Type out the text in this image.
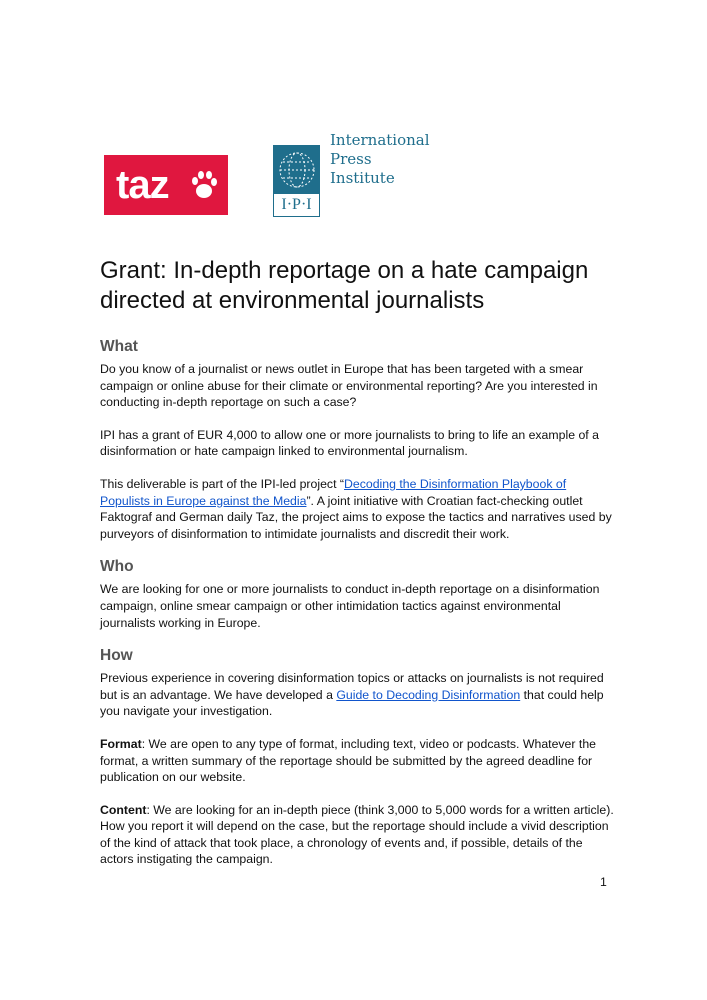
taz	I·P·I
International
Press
Institute
Grant: In-depth reportage on a hate campaign directed at environmental journalists
What

Do you know of a journalist or news outlet in Europe that has been targeted with a smear campaign or online abuse for their climate or environmental reporting? Are you interested in conducting in-depth reportage on such a case?

IPI has a grant of EUR 4,000 to allow one or more journalists to bring to life an example of a disinformation or hate campaign linked to environmental journalism.

This deliverable is part of the IPI-led project “Decoding the Disinformation Playbook of Populists in Europe against the Media”. A joint initiative with Croatian fact-checking outlet Faktograf and German daily Taz, the project aims to expose the tactics and narratives used by purveyors of disinformation to intimidate journalists and discredit their work.

Who

We are looking for one or more journalists to conduct in-depth reportage on a disinformation campaign, online smear campaign or other intimidation tactics against environmental journalists working in Europe.

How

Previous experience in covering disinformation topics or attacks on journalists is not required but is an advantage. We have developed a Guide to Decoding Disinformation that could help you navigate your investigation.

Format: We are open to any type of format, including text, video or podcasts. Whatever the format, a written summary of the reportage should be submitted by the agreed deadline for publication on our website.

Content: We are looking for an in-depth piece (think 3,000 to 5,000 words for a written article). How you report it will depend on the case, but the reportage should include a vivid description of the kind of attack that took place, a chronology of events and, if possible, details of the actors instigating the campaign.

1
